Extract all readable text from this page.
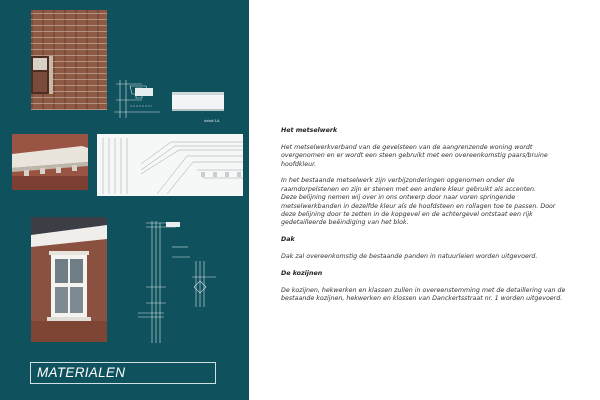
detail 1A
MATERIALEN

Het metselwerk

Het metselwerkverband van de gevelsteen van de aangrenzende woning wordt

overgenomen en er wordt een steen gebruikt met een overeenkomstig paars/bruine

hoofdkleur.

In het bestaande metselwerk zijn verbijzonderingen opgenomen onder de

raamdorpelstenen en zijn er stenen met een andere kleur gebruikt als accenten.

Deze belijning nemen wij over in ons ontwerp door naar voren springende

metselwerkbanden in dezelfde kleur als de hoofdsteen en rollagen toe te passen. Door

deze belijning door te zetten in de kopgevel en de achtergevel ontstaat een rijk

gedetailleerde beëindiging van het blok.

Dak

Dak zal overeenkomstig de bestaande panden in natuurleien worden uitgevoerd.

De kozijnen

De kozijnen, hekwerken en klassen zullen in overeenstemming met de detaillering van de

bestaande kozijnen, hekwerken en klossen van Danckertsstraat nr. 1 worden uitgevoerd.
